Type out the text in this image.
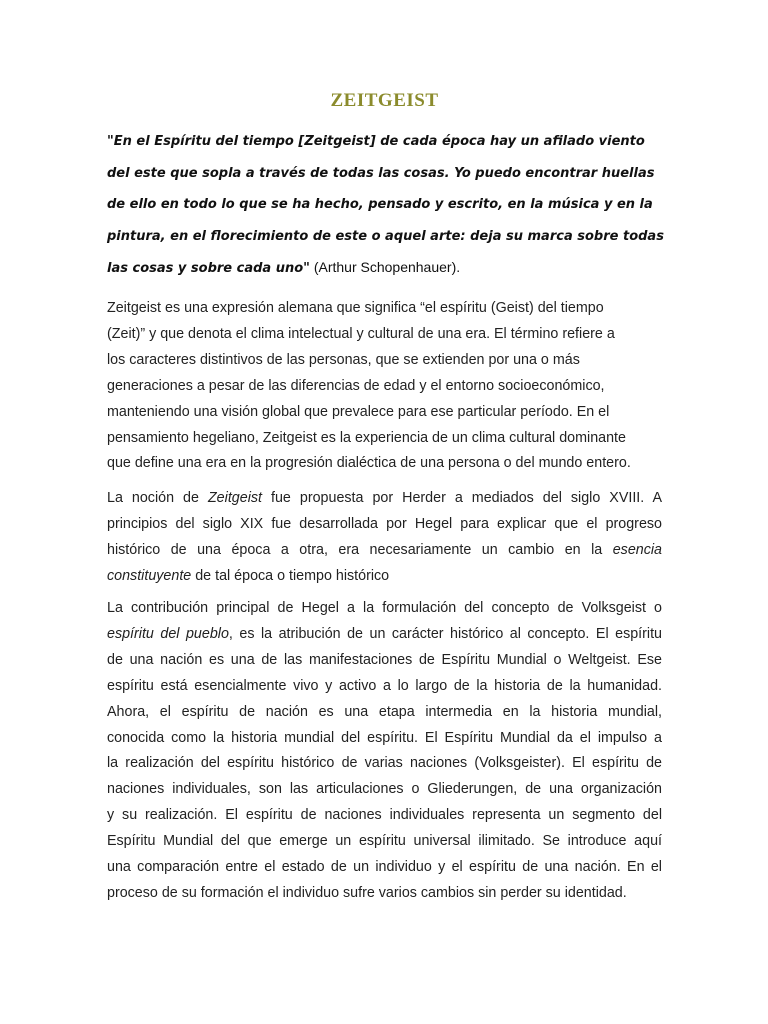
ZEITGEIST

"En el Espíritu del tiempo [Zeitgeist] de cada época hay un afilado viento del este que sopla a través de todas las cosas. Yo puedo encontrar huellas de ello en todo lo que se ha hecho, pensado y escrito, en la música y en la pintura, en el florecimiento de este o aquel arte: deja su marca sobre todas las cosas y sobre cada uno" (Arthur Schopenhauer).

Zeitgeist es una expresión alemana que significa “el espíritu (Geist) del tiempo
(Zeit)” y que denota el clima intelectual y cultural de una era. El término refiere a
los caracteres distintivos de las personas, que se extienden por una o más
generaciones a pesar de las diferencias de edad y el entorno socioeconómico,
manteniendo una visión global que prevalece para ese particular período. En el
pensamiento hegeliano, Zeitgeist es la experiencia de un clima cultural dominante
que define una era en la progresión dialéctica de una persona o del mundo entero.

La noción de Zeitgeist fue propuesta por Herder a mediados del siglo XVIII. A
principios del siglo XIX fue desarrollada por Hegel para explicar que el progreso
histórico de una época a otra, era necesariamente un cambio en la esencia
constituyente de tal época o tiempo histórico

La contribución principal de Hegel a la formulación del concepto de Volksgeist o
espíritu del pueblo, es la atribución de un carácter histórico al concepto. El espíritu
de una nación es una de las manifestaciones de Espíritu Mundial o Weltgeist. Ese
espíritu está esencialmente vivo y activo a lo largo de la historia de la humanidad.
Ahora, el espíritu de nación es una etapa intermedia en la historia mundial,
conocida como la historia mundial del espíritu. El Espíritu Mundial da el impulso a
la realización del espíritu histórico de varias naciones (Volksgeister). El espíritu de
naciones individuales, son las articulaciones o Gliederungen, de una organización
y su realización. El espíritu de naciones individuales representa un segmento del
Espíritu Mundial del que emerge un espíritu universal ilimitado. Se introduce aquí
una comparación entre el estado de un individuo y el espíritu de una nación. En el
proceso de su formación el individuo sufre varios cambios sin perder su identidad.
